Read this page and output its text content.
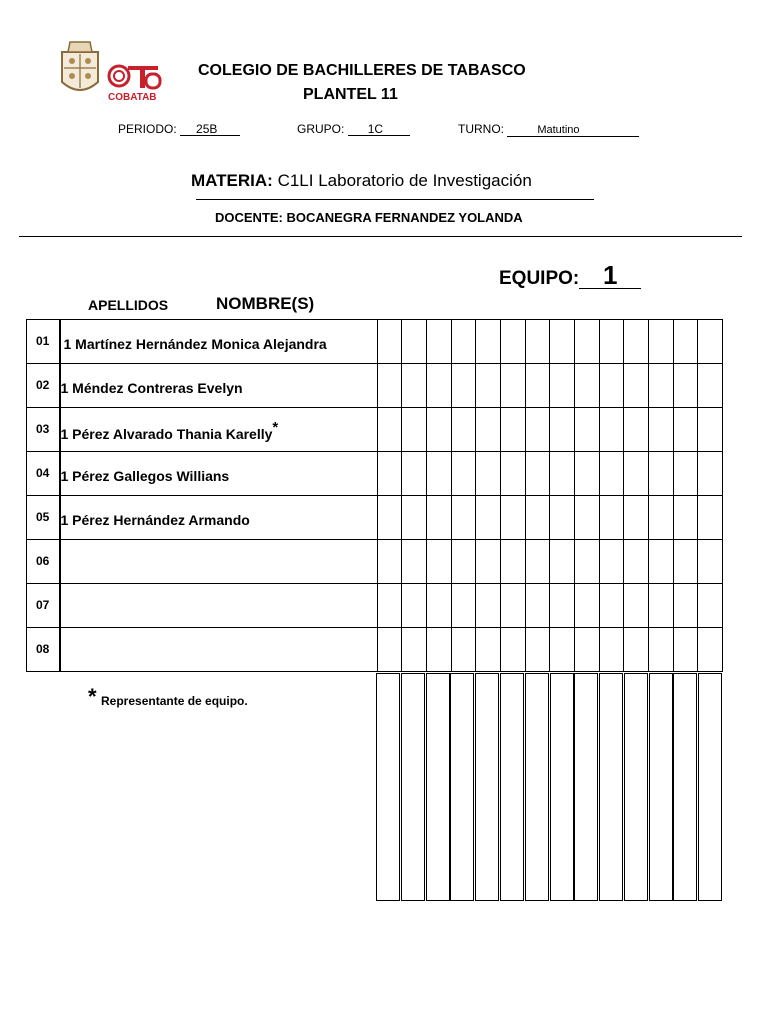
COBATAB
COLEGIO DE BACHILLERES DE TABASCO
PLANTEL 11
PERIODO: 25B	GRUPO: 1C	TURNO:	Matutino
MATERIA: C1LI Laboratorio de Investigación
DOCENTE: BOCANEGRA FERNANDEZ YOLANDA
EQUIPO: 1
APELLIDOS	NOMBRE(S)
01	1 Martínez Hernández Monica Alejandra														
02	1 Méndez Contreras Evelyn														
03	1 Pérez Alvarado Thania Karelly*														
04	1 Pérez Gallegos Willians														
05	1 Pérez Hernández Armando														
06															
07															
08															
* $_{Representante de equipo.}$
